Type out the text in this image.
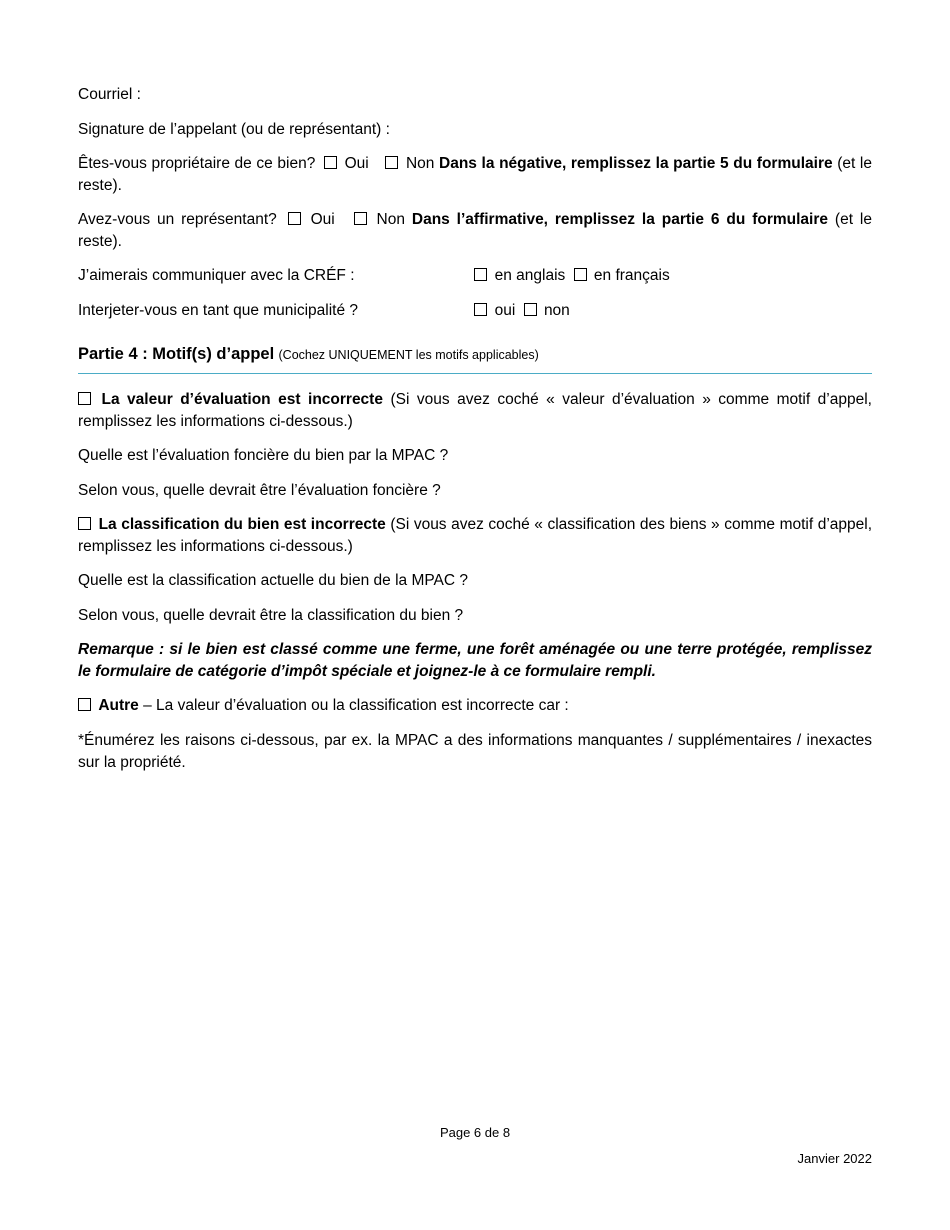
Courriel :

Signature de l’appelant (ou de représentant) :

Êtes-vous propriétaire de ce bien? Oui Non Dans la négative, remplissez la partie 5 du formulaire (et le reste).

Avez-vous un représentant? Oui	Non Dans l’affirmative, remplissez la partie 6 du formulaire (et le reste).

J’aimerais communiquer avec la CRÉF :	en anglais en français

Interjeter-vous en tant que municipalité ?	oui non

Partie 4 : Motif(s) d’appel (Cochez UNIQUEMENT les motifs applicables)

La valeur d’évaluation est incorrecte (Si vous avez coché « valeur d’évaluation » comme motif d’appel, remplissez les informations ci-dessous.)

Quelle est l’évaluation foncière du bien par la MPAC ?

Selon vous, quelle devrait être l’évaluation foncière ?

La classification du bien est incorrecte (Si vous avez coché « classification des biens » comme motif d’appel, remplissez les informations ci-dessous.)

Quelle est la classification actuelle du bien de la MPAC ?

Selon vous, quelle devrait être la classification du bien ?

Remarque : si le bien est classé comme une ferme, une forêt aménagée ou une terre protégée, remplissez le formulaire de catégorie d’impôt spéciale et joignez-le à ce formulaire rempli.

Autre – La valeur d’évaluation ou la classification est incorrecte car :

*Énumérez les raisons ci-dessous, par ex. la MPAC a des informations manquantes / supplémentaires / inexactes sur la propriété.

Page 6 de 8
Janvier 2022
